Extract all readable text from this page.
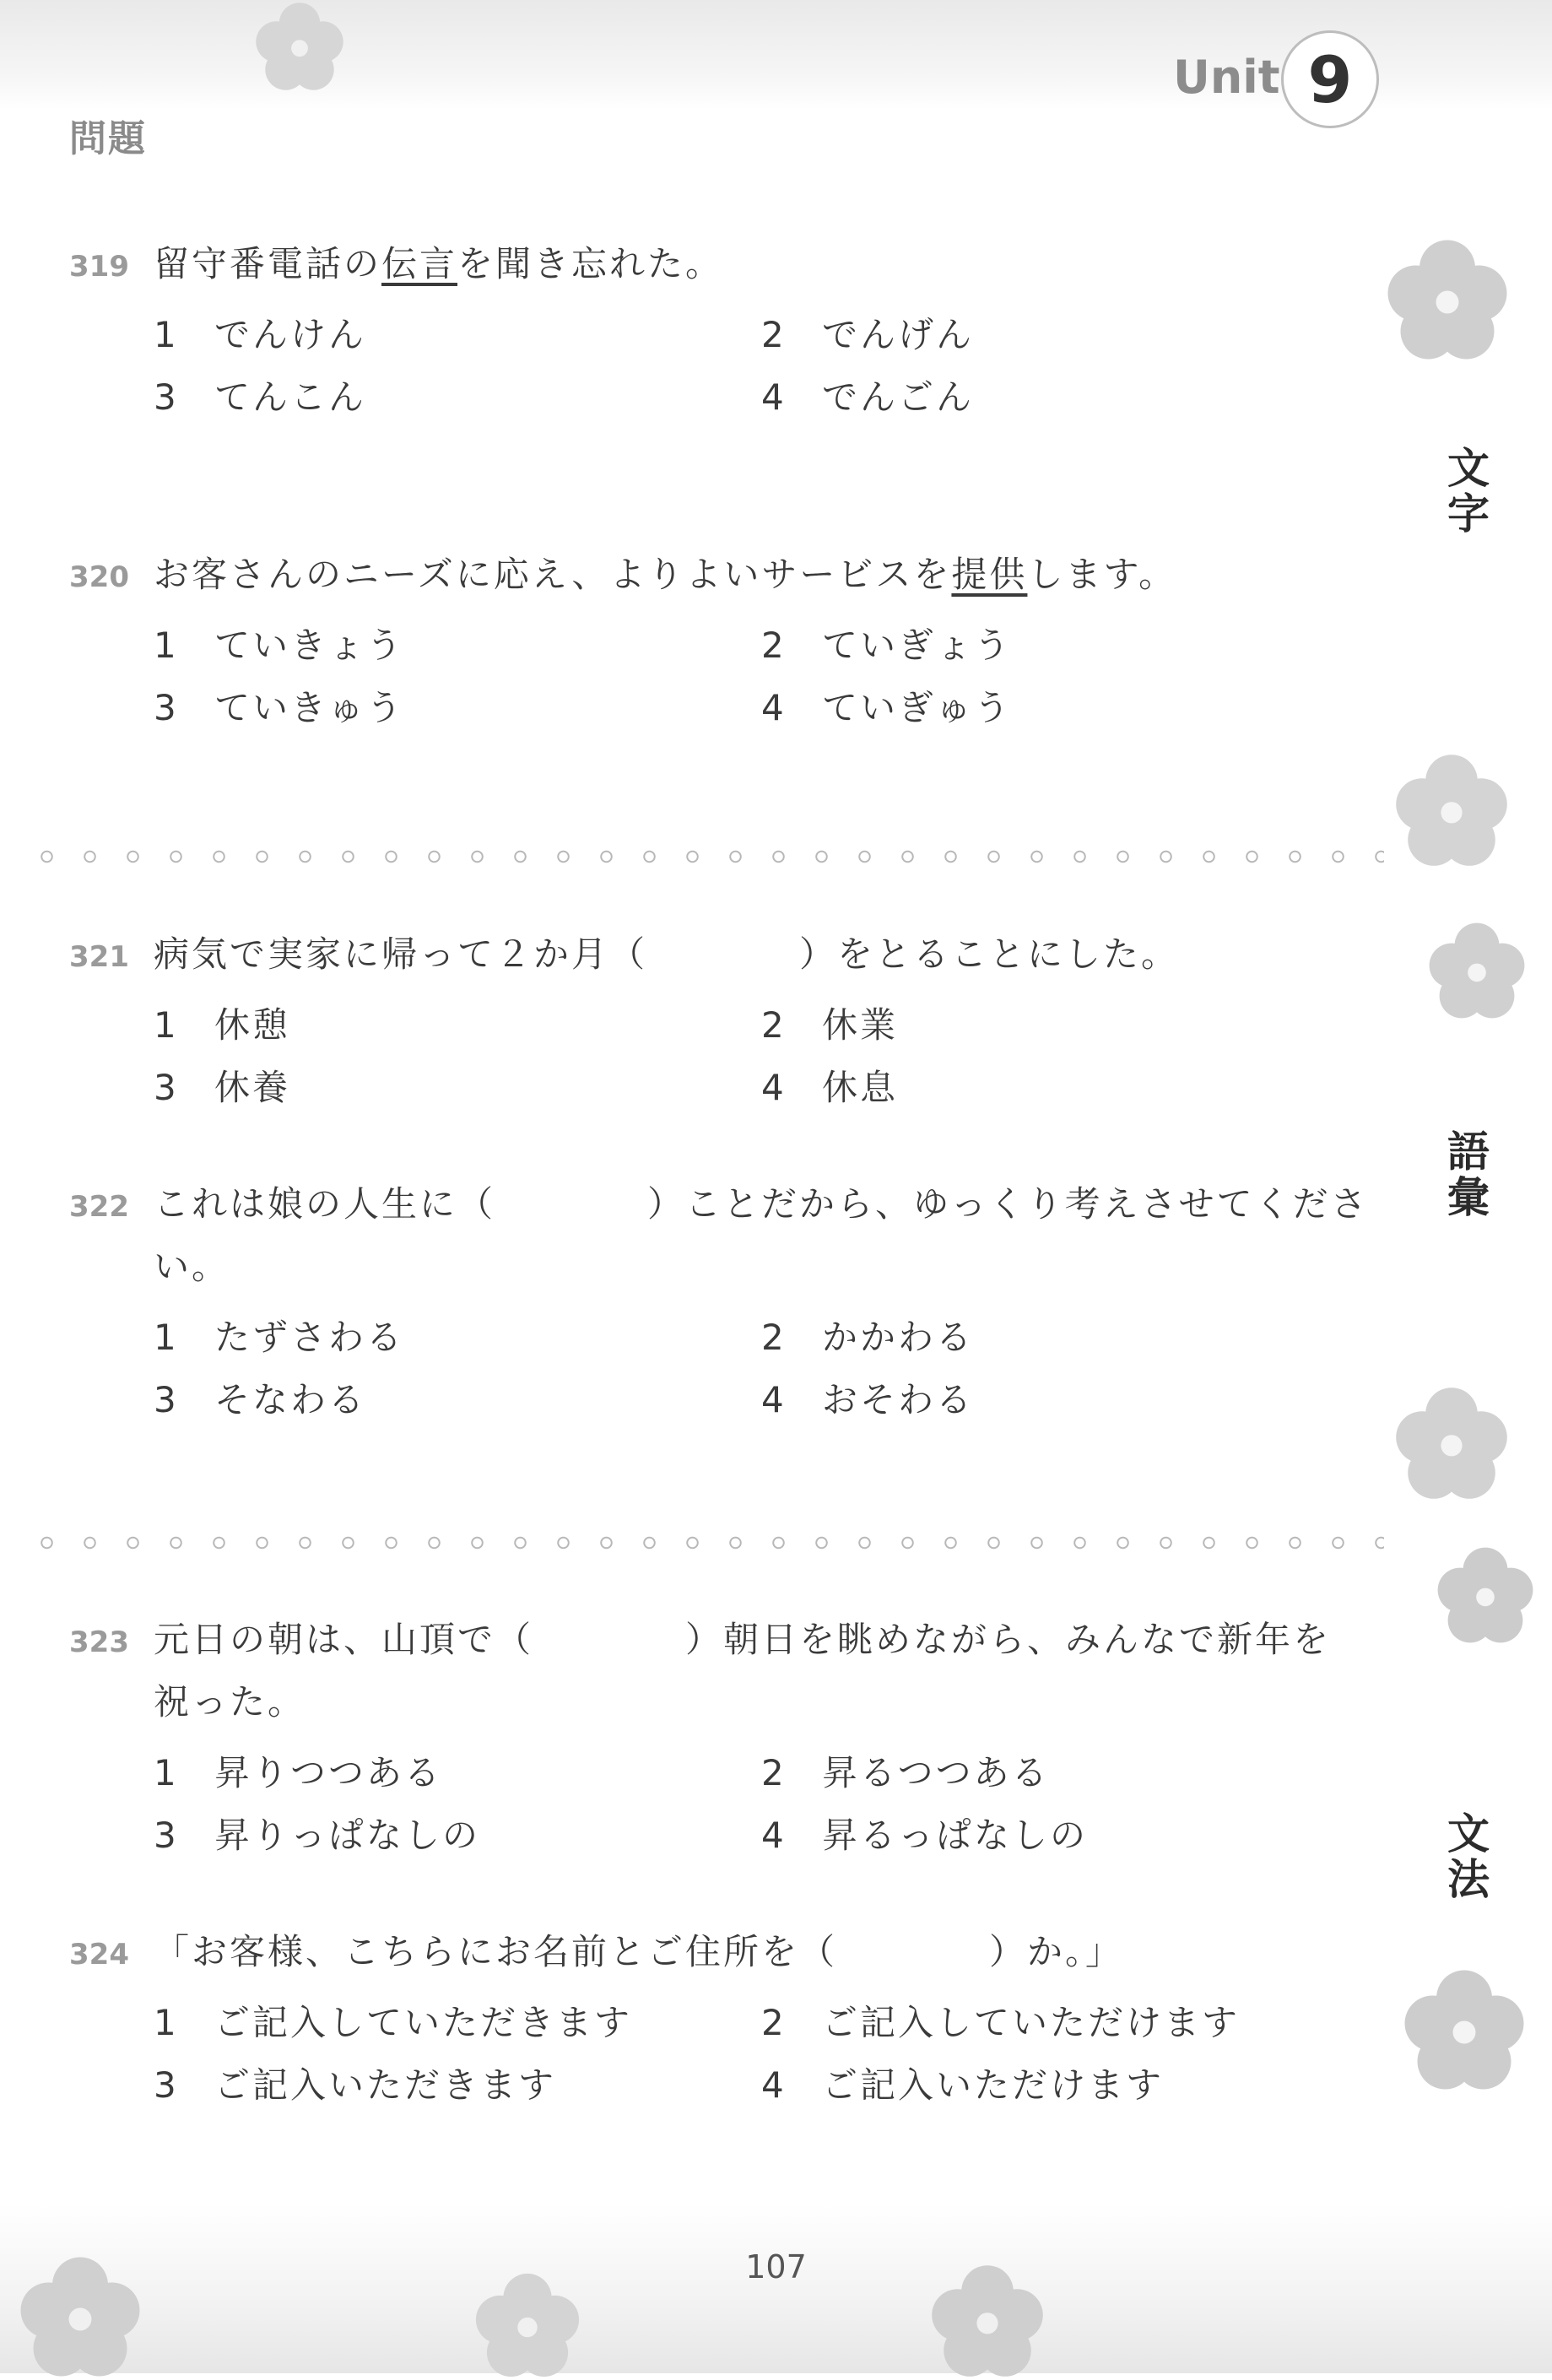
問題
Unit 9
文字
語彙
文法
319 留守番電話の伝言を聞き忘れた。
1 でんけん	2 でんげん
3 てんこん	4 でんごん
320 お客さんのニーズに応え、よりよいサービスを提供します。
1 ていきょう	2 ていぎょう
3 ていきゅう	4 ていぎゅう
321 病気で実家に帰って２か月（　　　　）をとることにした。
1 休憩	2 休業
3 休養	4 休息
322 これは娘の人生に（　　　　）ことだから、ゆっくり考えさせてくださ
い。
1 たずさわる	2 かかわる
3 そなわる	4 おそわる
323 元日の朝は、山頂で（　　　　）朝日を眺めながら、みんなで新年を
祝った。
1 昇りつつある	2 昇るつつある
3 昇りっぱなしの	4 昇るっぱなしの
324 「お客様、こちらにお名前とご住所を（　　　　）か。」
1 ご記入していただきます	2 ご記入していただけます
3 ご記入いただきます	4 ご記入いただけます
107
